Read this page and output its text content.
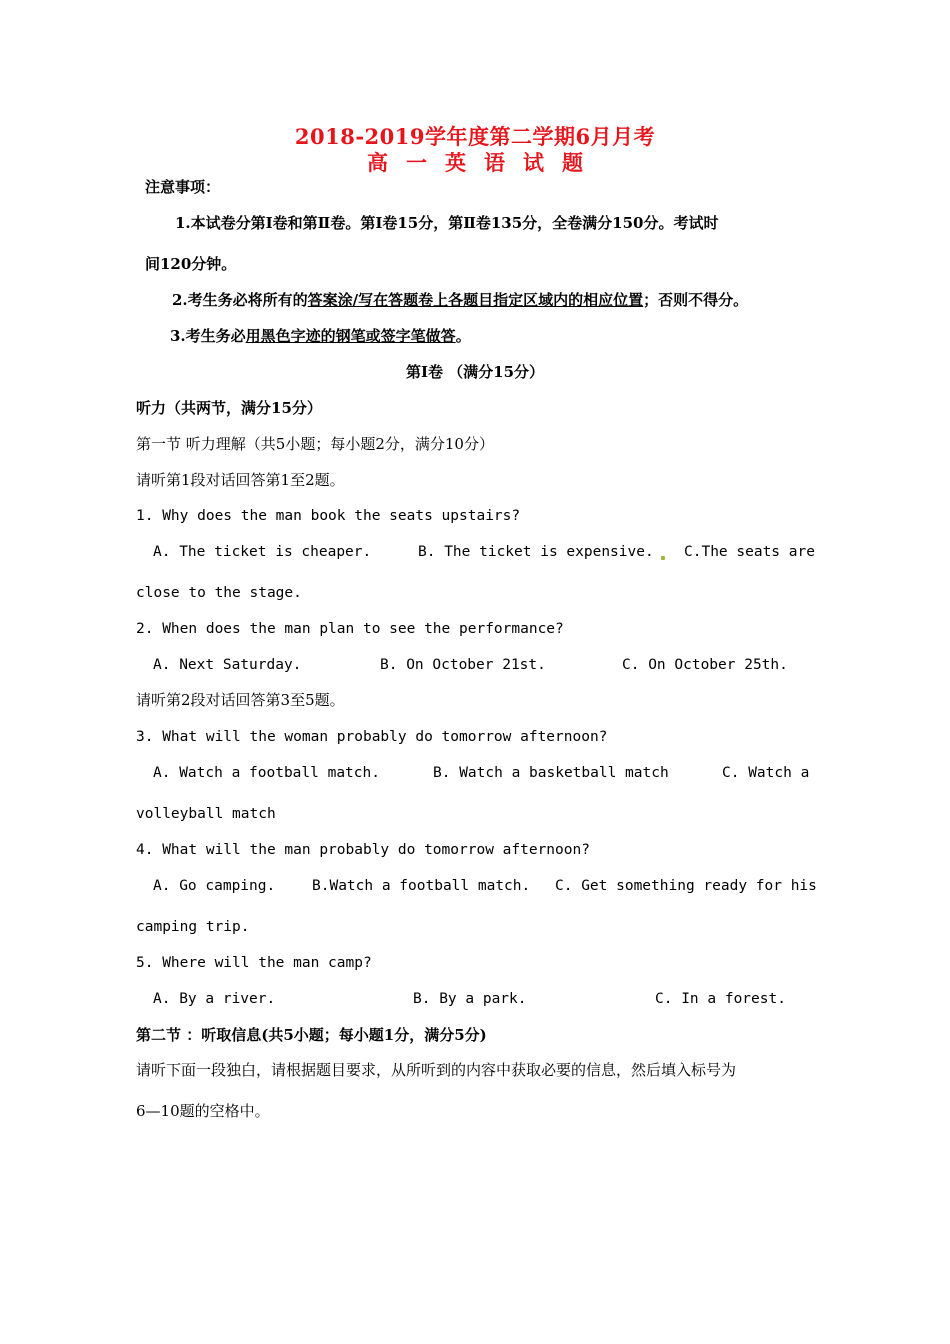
2018-2019学年度第二学期6月月考
高 一 英 语 试 题
注意事项：
1.本试卷分第Ⅰ卷和第Ⅱ卷。第Ⅰ卷15分，第Ⅱ卷135分，全卷满分150分。考试时
间120分钟。
2.考生务必将所有的答案涂/写在答题卷上各题目指定区域内的相应位置；否则不得分。
3.考生务必用黑色字迹的钢笔或签字笔做答。
第Ⅰ卷 （满分15分）
听力（共两节，满分15分）
第一节 听力理解（共5小题；每小题2分，满分10分）
请听第1段对话回答第1至2题。
1. Why does the man book the seats upstairs?
A. The ticket is cheaper.	B. The ticket is expensive. C.The seats are
close to the stage.
2. When does the man plan to see the performance?
A. Next Saturday.	B. On October 21st.	C. On October 25th.
请听第2段对话回答第3至5题。
3. What will the woman probably do tomorrow afternoon?
A. Watch a football match.	B. Watch a basketball match	C. Watch a
volleyball match
4. What will the man probably do tomorrow afternoon?
A. Go camping.	B.Watch a football match. C. Get something ready for his
camping trip.
5. Where will the man camp?
A. By a river.	B. By a park.	C. In a forest.
第二节 ：听取信息(共5小题；每小题1分，满分5分)
请听下面一段独白，请根据题目要求，从所听到的内容中获取必要的信息，然后填入标号为
6—10题的空格中。
